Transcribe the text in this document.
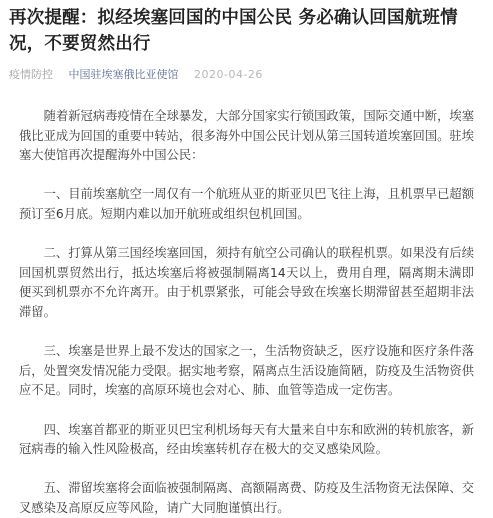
再次提醒：拟经埃塞回国的中国公民 务必确认回国航班情况，不要贸然出行
疫情防控 中国驻埃塞俄比亚使馆 2020-04-26

随着新冠病毒疫情在全球暴发，大部分国家实行锁国政策，国际交通中断，埃塞俄比亚成为回国的重要中转站，很多海外中国公民计划从第三国转道埃塞回国。驻埃塞大使馆再次提醒海外中国公民：

一、目前埃塞航空一周仅有一个航班从亚的斯亚贝巴飞往上海，且机票早已超额预订至6月底。短期内难以加开航班或组织包机回国。

二、打算从第三国经埃塞回国，须持有航空公司确认的联程机票。如果没有后续回国机票贸然出行，抵达埃塞后将被强制隔离14天以上，费用自理，隔离期未满即便买到机票亦不允许离开。由于机票紧张，可能会导致在埃塞长期滞留甚至超期非法滞留。

三、埃塞是世界上最不发达的国家之一，生活物资缺乏，医疗设施和医疗条件落后，处置突发情况能力受限。据实地考察，隔离点生活设施简陋，防疫及生活物资供应不足。同时，埃塞的高原环境也会对心、肺、血管等造成一定伤害。

四、埃塞首都亚的斯亚贝巴宝利机场每天有大量来自中东和欧洲的转机旅客，新冠病毒的输入性风险极高，经由埃塞转机存在极大的交叉感染风险。

五、滞留埃塞将会面临被强制隔离、高额隔离费、防疫及生活物资无法保障、交叉感染及高原反应等风险，请广大同胞谨慎出行。
